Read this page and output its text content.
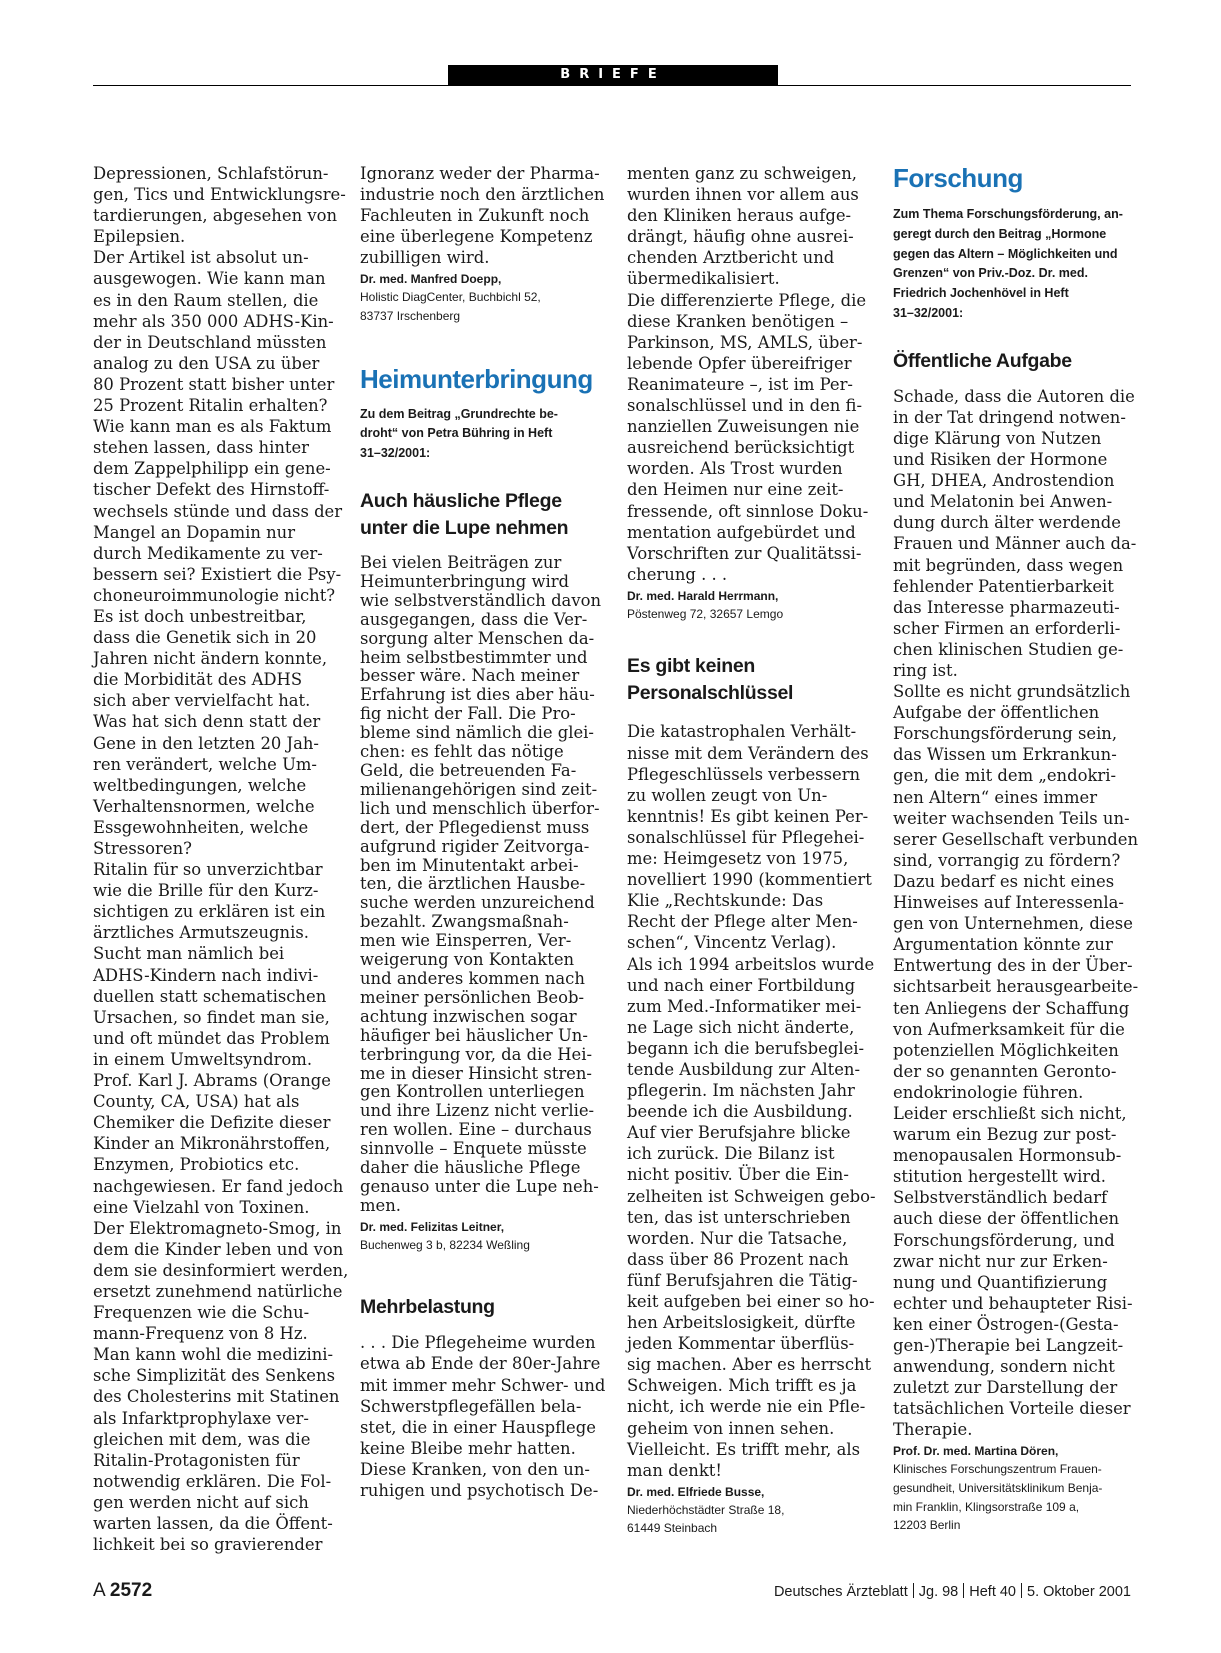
BRIEFE

Depressionen, Schlafstörun-
gen, Tics und Entwicklungsre-
tardierungen, abgesehen von
Epilepsien.
Der Artikel ist absolut un-
ausgewogen. Wie kann man
es in den Raum stellen, die
mehr als 350 000 ADHS-Kin-
der in Deutschland müssten
analog zu den USA zu über
80 Prozent statt bisher unter
25 Prozent Ritalin erhalten?
Wie kann man es als Faktum
stehen lassen, dass hinter
dem Zappelphilipp ein gene-
tischer Defekt des Hirnstoff-
wechsels stünde und dass der
Mangel an Dopamin nur
durch Medikamente zu ver-
bessern sei? Existiert die Psy-
choneuroimmunologie nicht?
Es ist doch unbestreitbar,
dass die Genetik sich in 20
Jahren nicht ändern konnte,
die Morbidität des ADHS
sich aber vervielfacht hat.
Was hat sich denn statt der
Gene in den letzten 20 Jah-
ren verändert, welche Um-
weltbedingungen, welche
Verhaltensnormen, welche
Essgewohnheiten, welche
Stressoren?
Ritalin für so unverzichtbar
wie die Brille für den Kurz-
sichtigen zu erklären ist ein
ärztliches Armutszeugnis.
Sucht man nämlich bei
ADHS-Kindern nach indivi-
duellen statt schematischen
Ursachen, so findet man sie,
und oft mündet das Problem
in einem Umweltsyndrom.
Prof. Karl J. Abrams (Orange
County, CA, USA) hat als
Chemiker die Defizite dieser
Kinder an Mikronährstoffen,
Enzymen, Probiotics etc.
nachgewiesen. Er fand jedoch
eine Vielzahl von Toxinen.
Der Elektromagneto-Smog, in
dem die Kinder leben und von
dem sie desinformiert werden,
ersetzt zunehmend natürliche
Frequenzen wie die Schu-
mann-Frequenz von 8 Hz.
Man kann wohl die medizini-
sche Simplizität des Senkens
des Cholesterins mit Statinen
als Infarktprophylaxe ver-
gleichen mit dem, was die
Ritalin-Protagonisten für
notwendig erklären. Die Fol-
gen werden nicht auf sich
warten lassen, da die Öffent-
lichkeit bei so gravierender

Ignoranz weder der Pharma-
industrie noch den ärztlichen
Fachleuten in Zukunft noch
eine überlegene Kompetenz
zubilligen wird.

Dr. med. Manfred Doepp,
Holistic DiagCenter, Buchbichl 52,
83737 Irschenberg
Heimunterbringung
Zu dem Beitrag „Grundrechte be-
droht“ von Petra Bühring in Heft
31–32/2001:
Auch häusliche Pflege
unter die Lupe nehmen

Bei vielen Beiträgen zur
Heimunterbringung wird
wie selbstverständlich davon
ausgegangen, dass die Ver-
sorgung alter Menschen da-
heim selbstbestimmter und
besser wäre. Nach meiner
Erfahrung ist dies aber häu-
fig nicht der Fall. Die Pro-
bleme sind nämlich die glei-
chen: es fehlt das nötige
Geld, die betreuenden Fa-
milienangehörigen sind zeit-
lich und menschlich überfor-
dert, der Pflegedienst muss
aufgrund rigider Zeitvorga-
ben im Minutentakt arbei-
ten, die ärztlichen Hausbe-
suche werden unzureichend
bezahlt. Zwangsmaßnah-
men wie Einsperren, Ver-
weigerung von Kontakten
und anderes kommen nach
meiner persönlichen Beob-
achtung inzwischen sogar
häufiger bei häuslicher Un-
terbringung vor, da die Hei-
me in dieser Hinsicht stren-
gen Kontrollen unterliegen
und ihre Lizenz nicht verlie-
ren wollen. Eine – durchaus
sinnvolle – Enquete müsste
daher die häusliche Pflege
genauso unter die Lupe neh-
men.

Dr. med. Felizitas Leitner,
Buchenweg 3 b, 82234 Weßling
Mehrbelastung

. . . Die Pflegeheime wurden
etwa ab Ende der 80er-Jahre
mit immer mehr Schwer- und
Schwerstpflegefällen bela-
stet, die in einer Hauspflege
keine Bleibe mehr hatten.
Diese Kranken, von den un-
ruhigen und psychotisch De-

menten ganz zu schweigen,
wurden ihnen vor allem aus
den Kliniken heraus aufge-
drängt, häufig ohne ausrei-
chenden Arztbericht und
übermedikalisiert.
Die differenzierte Pflege, die
diese Kranken benötigen –
Parkinson, MS, AMLS, über-
lebende Opfer übereifriger
Reanimateure –, ist im Per-
sonalschlüssel und in den fi-
nanziellen Zuweisungen nie
ausreichend berücksichtigt
worden. Als Trost wurden
den Heimen nur eine zeit-
fressende, oft sinnlose Doku-
mentation aufgebürdet und
Vorschriften zur Qualitätssi-
cherung . . .

Dr. med. Harald Herrmann,
Pöstenweg 72, 32657 Lemgo
Es gibt keinen
Personalschlüssel

Die katastrophalen Verhält-
nisse mit dem Verändern des
Pflegeschlüssels verbessern
zu wollen zeugt von Un-
kenntnis! Es gibt keinen Per-
sonalschlüssel für Pflegehei-
me: Heimgesetz von 1975,
novelliert 1990 (kommentiert
Klie „Rechtskunde: Das
Recht der Pflege alter Men-
schen“, Vincentz Verlag).
Als ich 1994 arbeitslos wurde
und nach einer Fortbildung
zum Med.-Informatiker mei-
ne Lage sich nicht änderte,
begann ich die berufsbeglei-
tende Ausbildung zur Alten-
pflegerin. Im nächsten Jahr
beende ich die Ausbildung.
Auf vier Berufsjahre blicke
ich zurück. Die Bilanz ist
nicht positiv. Über die Ein-
zelheiten ist Schweigen gebo-
ten, das ist unterschrieben
worden. Nur die Tatsache,
dass über 86 Prozent nach
fünf Berufsjahren die Tätig-
keit aufgeben bei einer so ho-
hen Arbeitslosigkeit, dürfte
jeden Kommentar überflüs-
sig machen. Aber es herrscht
Schweigen. Mich trifft es ja
nicht, ich werde nie ein Pfle-
geheim von innen sehen.
Vielleicht. Es trifft mehr, als
man denkt!

Dr. med. Elfriede Busse,
Niederhöchstädter Straße 18,
61449 Steinbach
Forschung
Zum Thema Forschungsförderung, an-
geregt durch den Beitrag „Hormone
gegen das Altern – Möglichkeiten und
Grenzen“ von Priv.-Doz. Dr. med.
Friedrich Jochenhövel in Heft
31–32/2001:
Öffentliche Aufgabe

Schade, dass die Autoren die
in der Tat dringend notwen-
dige Klärung von Nutzen
und Risiken der Hormone
GH, DHEA, Androstendion
und Melatonin bei Anwen-
dung durch älter werdende
Frauen und Männer auch da-
mit begründen, dass wegen
fehlender Patentierbarkeit
das Interesse pharmazeuti-
scher Firmen an erforderli-
chen klinischen Studien ge-
ring ist.
Sollte es nicht grundsätzlich
Aufgabe der öffentlichen
Forschungsförderung sein,
das Wissen um Erkrankun-
gen, die mit dem „endokri-
nen Altern“ eines immer
weiter wachsenden Teils un-
serer Gesellschaft verbunden
sind, vorrangig zu fördern?
Dazu bedarf es nicht eines
Hinweises auf Interessenla-
gen von Unternehmen, diese
Argumentation könnte zur
Entwertung des in der Über-
sichtsarbeit herausgearbeite-
ten Anliegens der Schaffung
von Aufmerksamkeit für die
potenziellen Möglichkeiten
der so genannten Geronto-
endokrinologie führen.
Leider erschließt sich nicht,
warum ein Bezug zur post-
menopausalen Hormonsub-
stitution hergestellt wird.
Selbstverständlich bedarf
auch diese der öffentlichen
Forschungsförderung, und
zwar nicht nur zur Erken-
nung und Quantifizierung
echter und behaupteter Risi-
ken einer Östrogen-(Gesta-
gen-)Therapie bei Langzeit-
anwendung, sondern nicht
zuletzt zur Darstellung der
tatsächlichen Vorteile dieser
Therapie.

Prof. Dr. med. Martina Dören,
Klinisches Forschungszentrum Frauen-
gesundheit, Universitätsklinikum Benja-
min Franklin, Klingsorstraße 109 a,
12203 Berlin
A 2572	Deutsches Ärzteblatt Jg. 98 Heft 40 5. Oktober 2001
